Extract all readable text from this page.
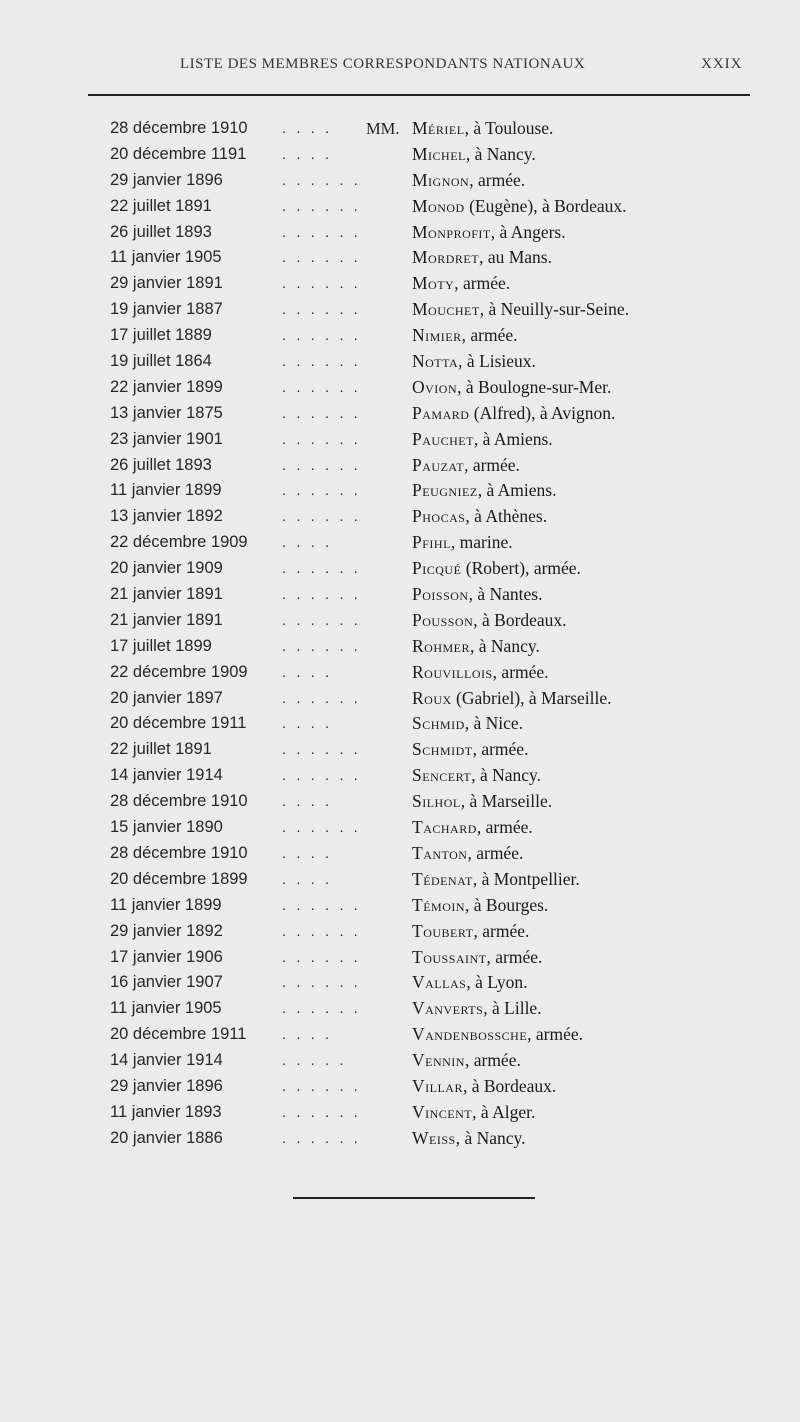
LISTE DES MEMBRES CORRESPONDANTS NATIONAUX	XXIX
28 décembre 1910 . . . .	MM. Mériel, à Toulouse.
20 décembre 1191 . . . .	Michel, à Nancy.
29 janvier 1896	. . . . . .	Mignon, armée.
22 juillet 1891	. . . . . .	Monod (Eugène), à Bordeaux.
26 juillet 1893	. . . . . .	Monprofit, à Angers.
11 janvier 1905	. . . . . .	Mordret, au Mans.
29 janvier 1891	. . . . . .	Moty, armée.
19 janvier 1887	. . . . . .	Mouchet, à Neuilly-sur-Seine.
17 juillet 1889	. . . . . .	Nimier, armée.
19 juillet 1864	. . . . . .	Notta, à Lisieux.
22 janvier 1899	. . . . . .	Ovion, à Boulogne-sur-Mer.
13 janvier 1875	. . . . . .	Pamard (Alfred), à Avignon.
23 janvier 1901	. . . . . .	Pauchet, à Amiens.
26 juillet 1893	. . . . . .	Pauzat, armée.
11 janvier 1899	. . . . . .	Peugniez, à Amiens.
13 janvier 1892	. . . . . .	Phocas, à Athènes.
22 décembre 1909 . . . .	Pfihl, marine.
20 janvier 1909	. . . . . .	Picqué (Robert), armée.
21 janvier 1891	. . . . . .	Poisson, à Nantes.
21 janvier 1891	. . . . . .	Pousson, à Bordeaux.
17 juillet 1899	. . . . . .	Rohmer, à Nancy.
22 décembre 1909 . . . .	Rouvillois, armée.
20 janvier 1897	. . . . . .	Roux (Gabriel), à Marseille.
20 décembre 1911 . . . .	Schmid, à Nice.
22 juillet 1891	. . . . . .	Schmidt, armée.
14 janvier 1914	. . . . . .	Sencert, à Nancy.
28 décembre 1910 . . . .	Silhol, à Marseille.
15 janvier 1890	. . . . . .	Tachard, armée.
28 décembre 1910 . . . .	Tanton, armée.
20 décembre 1899 . . . .	Tédenat, à Montpellier.
11 janvier 1899	. . . . . .	Témoin, à Bourges.
29 janvier 1892	. . . . . .	Toubert, armée.
17 janvier 1906	. . . . . .	Toussaint, armée.
16 janvier 1907	. . . . . .	Vallas, à Lyon.
11 janvier 1905	. . . . . .	Vanverts, à Lille.
20 décembre 1911 . . . .	Vandenbossche, armée.
14 janvier 1914	. . . . .	Vennin, armée.
29 janvier 1896	. . . . . .	Villar, à Bordeaux.
11 janvier 1893	. . . . . .	Vincent, à Alger.
20 janvier 1886	. . . . . .	Weiss, à Nancy.
